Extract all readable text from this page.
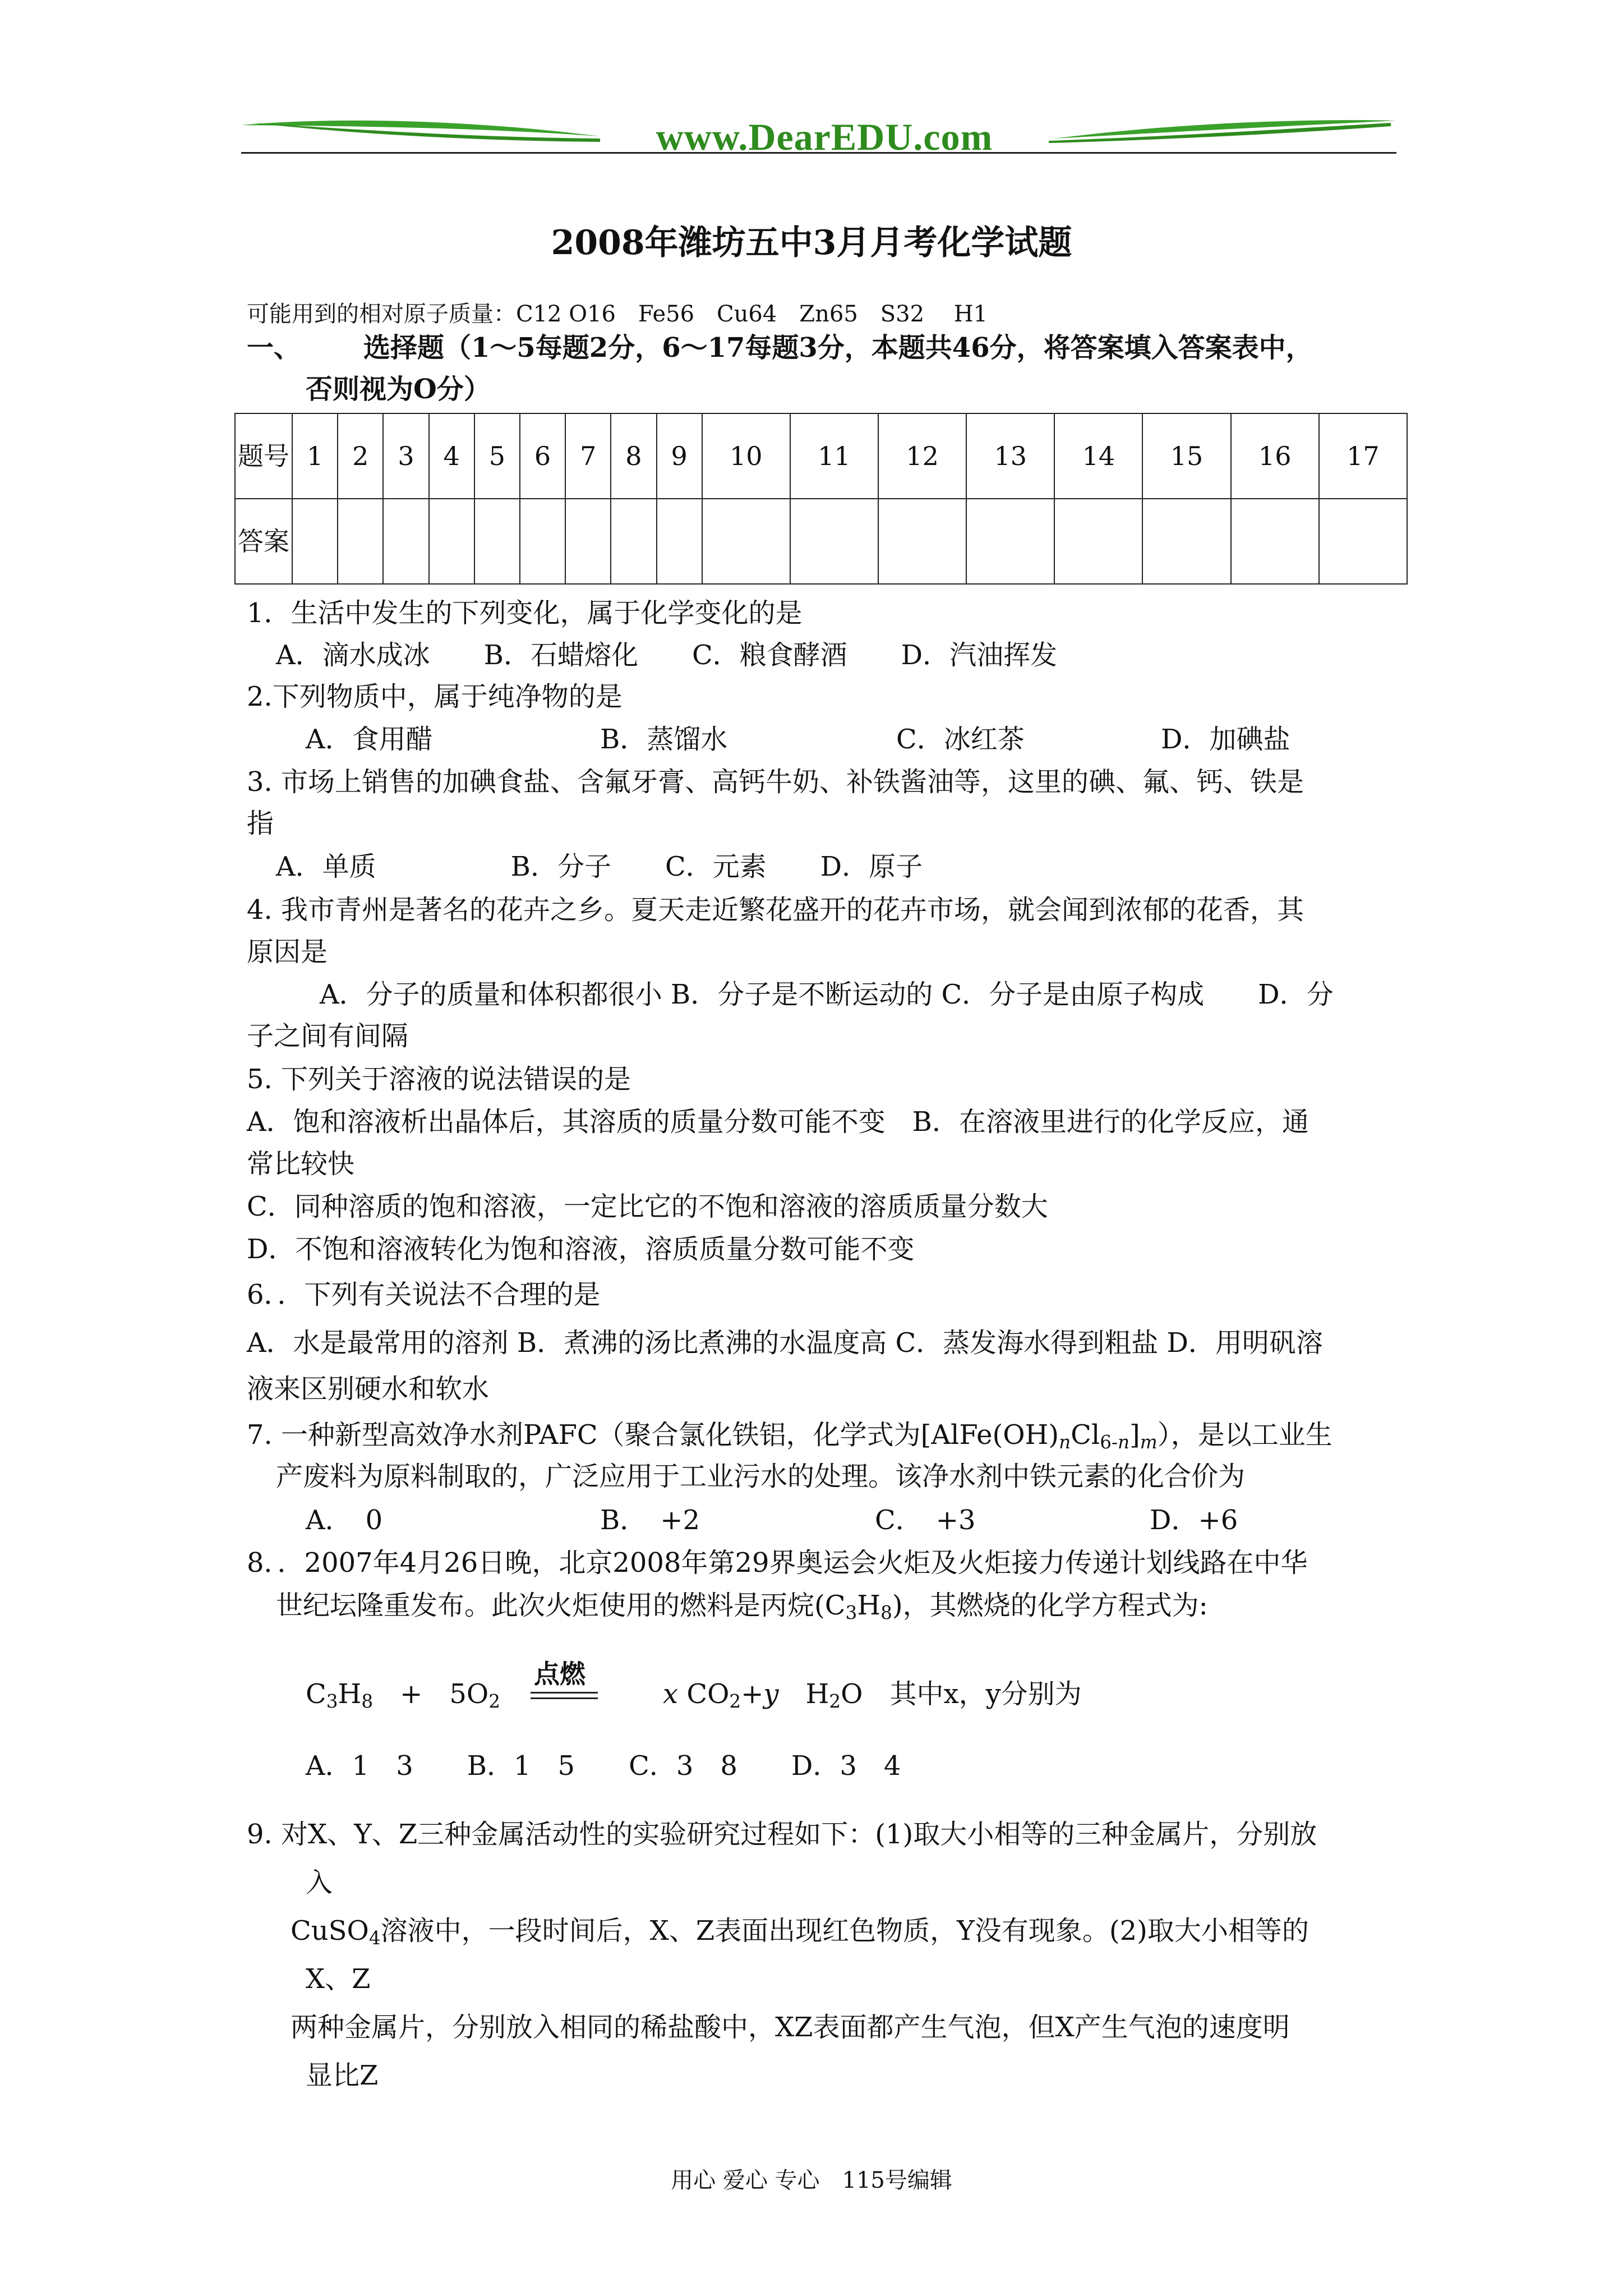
www.DearEDU.com
2008年潍坊五中3月月考化学试题
可能用到的相对原子质量：C12 O16　Fe56　Cu64　Zn65　S32　 H1
一、 选择题（1～5每题2分，6～17每题3分，本题共46分，将答案填入答案表中，
否则视为O分）
题号	1	2	3	4	5	6	7	8	9	10	11	12	13	14	15	16	17
答案																	
1．生活中发生的下列变化，属于化学变化的是
A．滴水成冰　　B．石蜡熔化　　C．粮食酵酒　　D．汽油挥发
2.下列物质中，属于纯净物的是
A．食用醋	B．蒸馏水	C．冰红茶	D．加碘盐
3. 市场上销售的加碘食盐、含氟牙膏、高钙牛奶、补铁酱油等，这里的碘、氟、钙、铁是
指
A．单质　　　　　B．分子　　C．元素　　D．原子
4. 我市青州是著名的花卉之乡。夏天走近繁花盛开的花卉市场，就会闻到浓郁的花香，其
原因是
A．分子的质量和体积都很小 B．分子是不断运动的 C．分子是由原子构成　　D．分
子之间有间隔
5. 下列关于溶液的说法错误的是
A．饱和溶液析出晶体后，其溶质的质量分数可能不变　B．在溶液里进行的化学反应，通
常比较快
C．同种溶质的饱和溶液，一定比它的不饱和溶液的溶质质量分数大
D．不饱和溶液转化为饱和溶液，溶质质量分数可能不变
6．．下列有关说法不合理的是
A．水是最常用的溶剂 B．煮沸的汤比煮沸的水温度高 C．蒸发海水得到粗盐 D．用明矾溶
液来区别硬水和软水
7. 一种新型高效净水剂PAFC（聚合氯化铁铝，化学式为$[AlFe(OH)_nCl_{6-n}]_m$），是以工业生
产废料为原料制取的，广泛应用于工业污水的处理。该净水剂中铁元素的化合价为
A．　0	B．　+2	C．　+3	D．+6
8．．2007年4月26日晚，北京2008年第29界奥运会火炬及火炬接力传递计划线路在中华
世纪坛隆重发布。此次火炬使用的燃料是丙烷$(C_3H_8)$，其燃烧的化学方程式为:
$C_3H_8$　 +　$5O_2$
点燃
x $CO_2+y$　 $H_2O$　 其中x，y分别为
A．1　3　　B．1　5　　C．3　8　　D．3　4
9. 对X、Y、Z三种金属活动性的实验研究过程如下：(1)取大小相等的三种金属片，分别放
入
CuSO$_4$溶液中，一段时间后，X、Z表面出现红色物质，Y没有现象。(2)取大小相等的
X、Z
两种金属片，分别放入相同的稀盐酸中，XZ表面都产生气泡，但X产生气泡的速度明
显比Z
用心 爱心 专心　115号编辑
